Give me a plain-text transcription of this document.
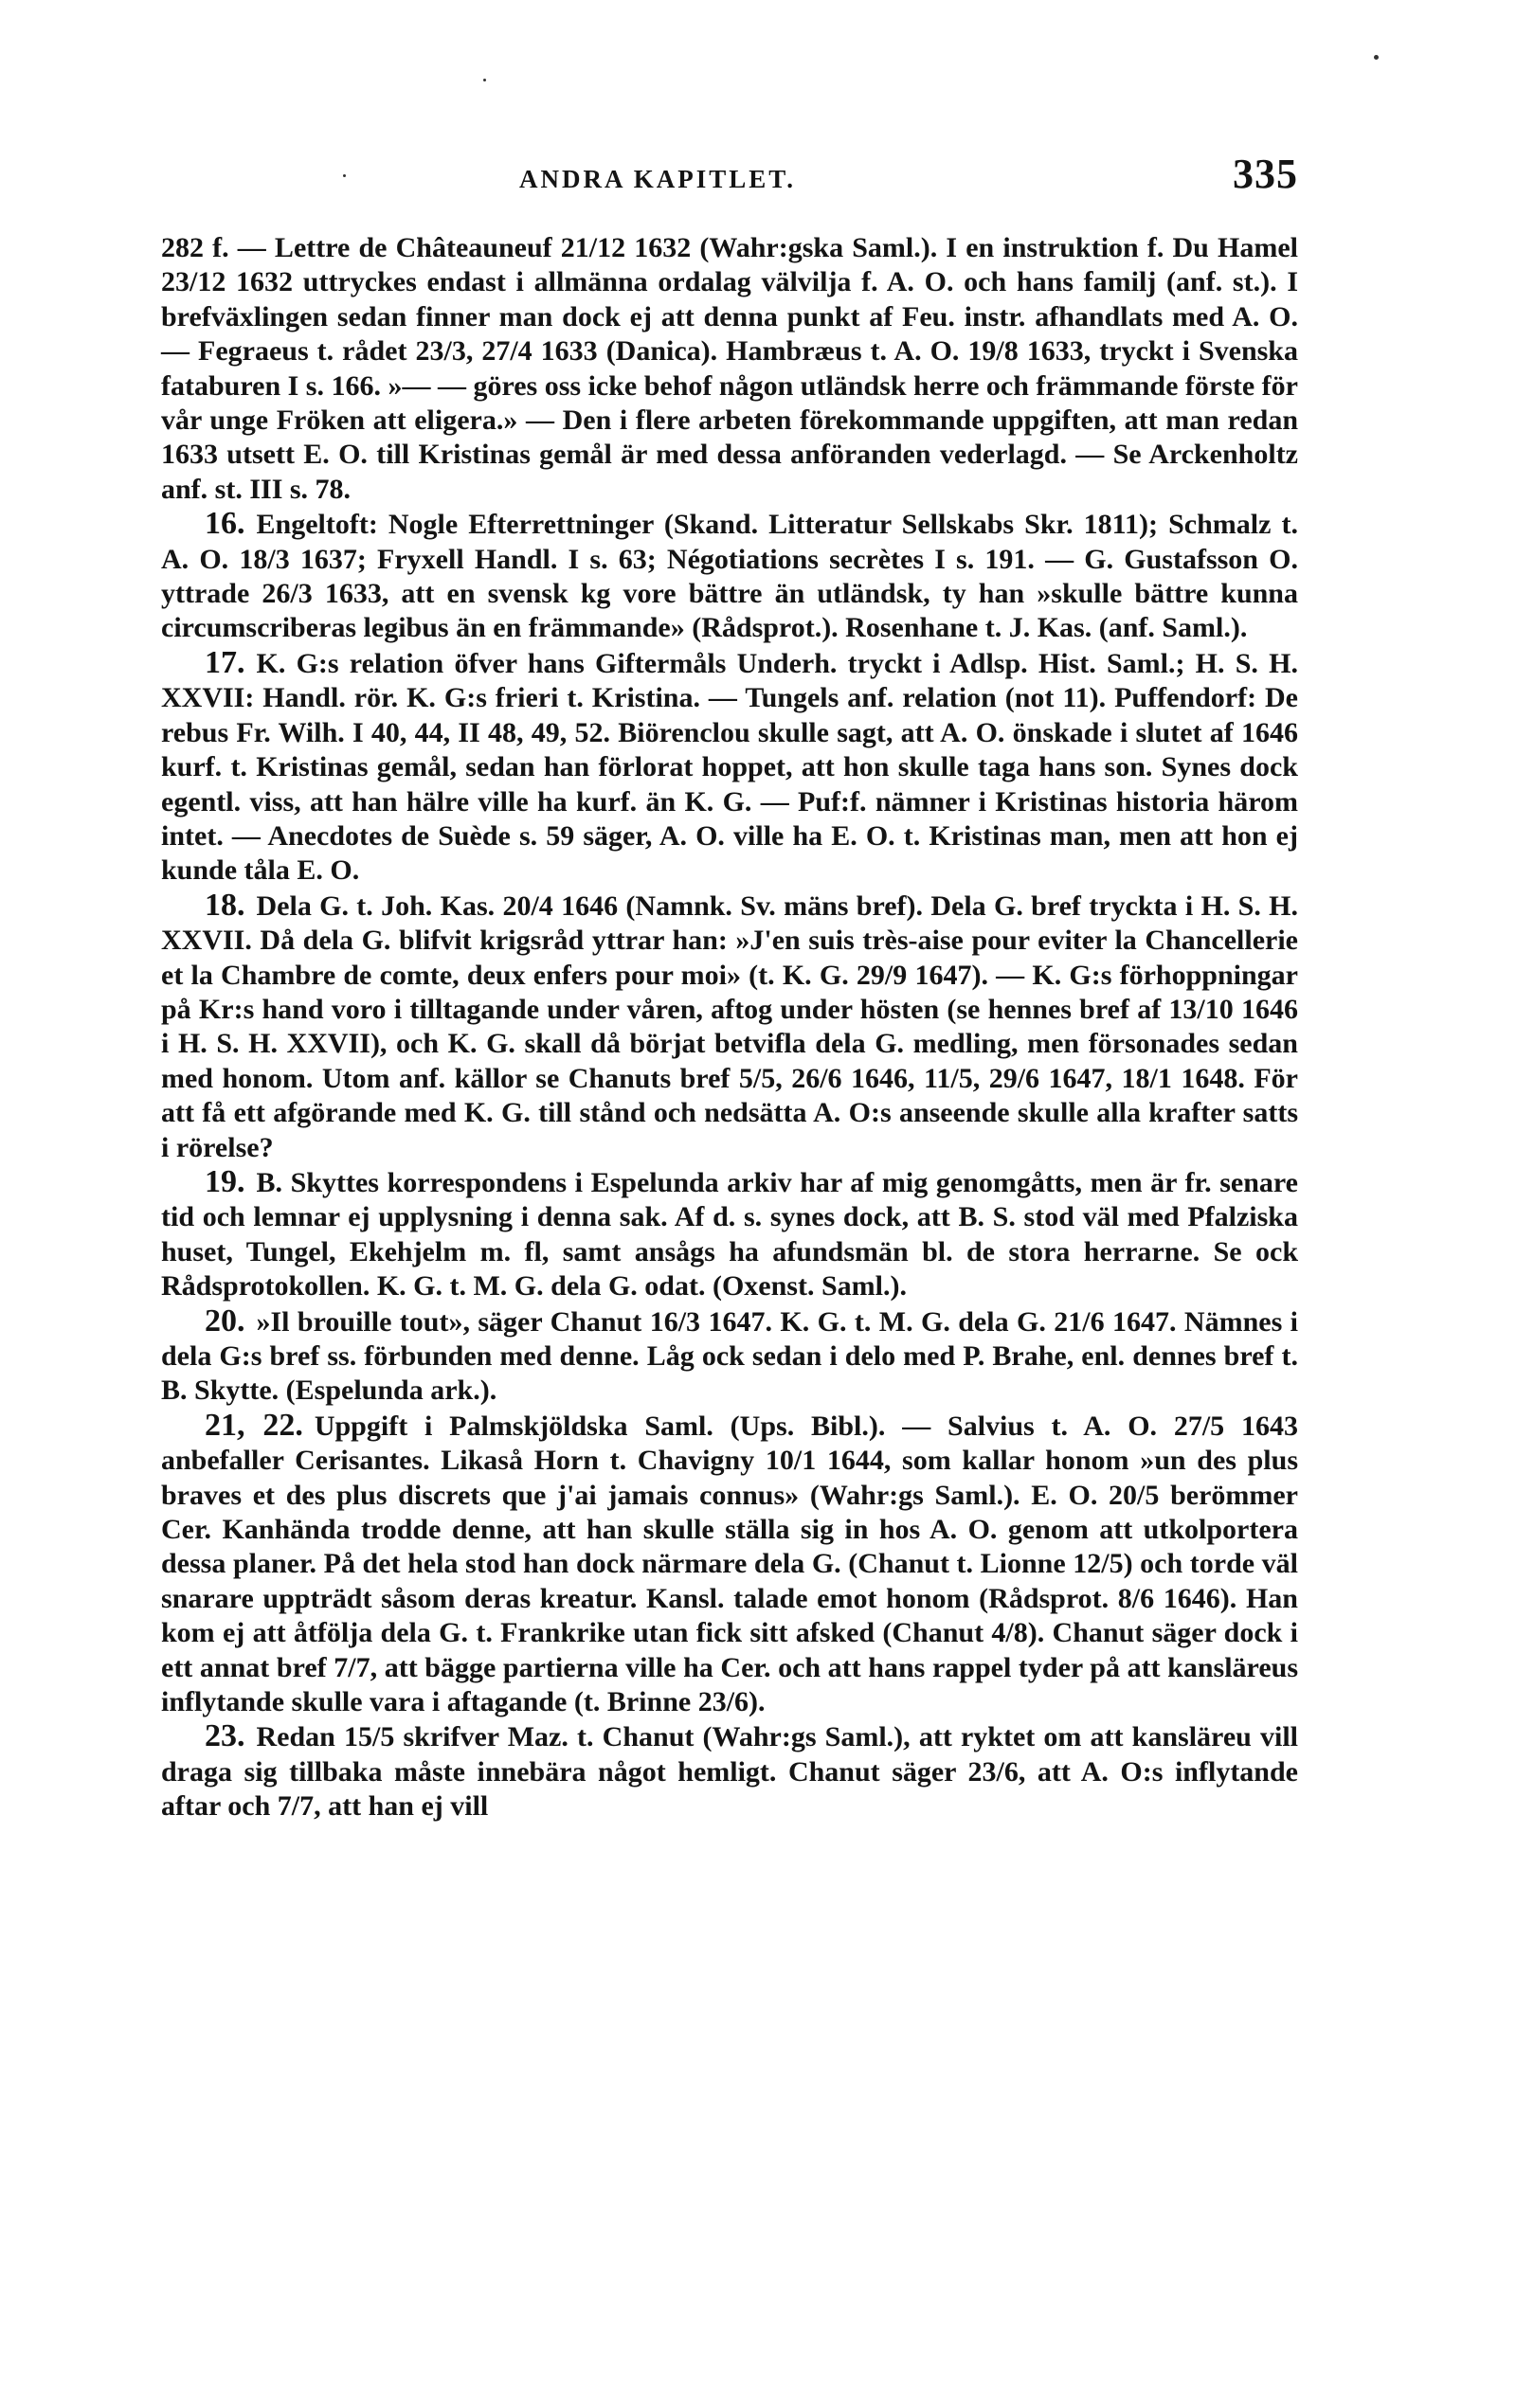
ANDRA KAPITLET.	335

282 f. — Lettre de Châteauneuf 21/12 1632 (Wahr:gska Saml.). I en instruktion f. Du Hamel 23/12 1632 uttryckes endast i allmänna ordalag välvilja f. A. O. och hans familj (anf. st.). I brefväxlingen sedan finner man dock ej att denna punkt af Feu. instr. afhandlats med A. O. — Fegraeus t. rådet 23/3, 27/4 1633 (Danica). Hambræus t. A. O. 19/8 1633, tryckt i Svenska fataburen I s. 166. »— — göres oss icke behof någon utländsk herre och främmande förste för vår unge Fröken att eligera.» — Den i flere arbeten förekommande uppgiften, att man redan 1633 utsett E. O. till Kristinas gemål är med dessa anföranden vederlagd. — Se Arckenholtz anf. st. III s. 78.

16. Engeltoft: Nogle Efterrettninger (Skand. Litteratur Sellskabs Skr. 1811); Schmalz t. A. O. 18/3 1637; Fryxell Handl. I s. 63; Négotiations secrètes I s. 191. — G. Gustafsson O. yttrade 26/3 1633, att en svensk kg vore bättre än utländsk, ty han »skulle bättre kunna circumscriberas legibus än en främmande» (Rådsprot.). Rosenhane t. J. Kas. (anf. Saml.).

17. K. G:s relation öfver hans Giftermåls Underh. tryckt i Adlsp. Hist. Saml.; H. S. H. XXVII: Handl. rör. K. G:s frieri t. Kristina. — Tungels anf. relation (not 11). Puffendorf: De rebus Fr. Wilh. I 40, 44, II 48, 49, 52. Biörenclou skulle sagt, att A. O. önskade i slutet af 1646 kurf. t. Kristinas gemål, sedan han förlorat hoppet, att hon skulle taga hans son. Synes dock egentl. viss, att han hälre ville ha kurf. än K. G. — Puf:f. nämner i Kristinas historia härom intet. — Anecdotes de Suède s. 59 säger, A. O. ville ha E. O. t. Kristinas man, men att hon ej kunde tåla E. O.

18. Dela G. t. Joh. Kas. 20/4 1646 (Namnk. Sv. mäns bref). Dela G. bref tryckta i H. S. H. XXVII. Då dela G. blifvit krigsråd yttrar han: »J'en suis très-aise pour eviter la Chancellerie et la Chambre de comte, deux enfers pour moi» (t. K. G. 29/9 1647). — K. G:s förhoppningar på Kr:s hand voro i tilltagande under våren, aftog under hösten (se hennes bref af 13/10 1646 i H. S. H. XXVII), och K. G. skall då börjat betvifla dela G. medling, men försonades sedan med honom. Utom anf. källor se Chanuts bref 5/5, 26/6 1646, 11/5, 29/6 1647, 18/1 1648. För att få ett afgörande med K. G. till stånd och nedsätta A. O:s anseende skulle alla krafter satts i rörelse?

19. B. Skyttes korrespondens i Espelunda arkiv har af mig genomgåtts, men är fr. senare tid och lemnar ej upplysning i denna sak. Af d. s. synes dock, att B. S. stod väl med Pfalziska huset, Tungel, Ekehjelm m. fl, samt ansågs ha afundsmän bl. de stora herrarne. Se ock Rådsprotokollen. K. G. t. M. G. dela G. odat. (Oxenst. Saml.).

20. »Il brouille tout», säger Chanut 16/3 1647. K. G. t. M. G. dela G. 21/6 1647. Nämnes i dela G:s bref ss. förbunden med denne. Låg ock sedan i delo med P. Brahe, enl. dennes bref t. B. Skytte. (Espelunda ark.).

21, 22. Uppgift i Palmskjöldska Saml. (Ups. Bibl.). — Salvius t. A. O. 27/5 1643 anbefaller Cerisantes. Likaså Horn t. Chavigny 10/1 1644, som kallar honom »un des plus braves et des plus discrets que j'ai jamais connus» (Wahr:gs Saml.). E. O. 20/5 berömmer Cer. Kanhända trodde denne, att han skulle ställa sig in hos A. O. genom att utkolportera dessa planer. På det hela stod han dock närmare dela G. (Chanut t. Lionne 12/5) och torde väl snarare uppträdt såsom deras kreatur. Kansl. talade emot honom (Rådsprot. 8/6 1646). Han kom ej att åtfölja dela G. t. Frankrike utan fick sitt afsked (Chanut 4/8). Chanut säger dock i ett annat bref 7/7, att bägge partierna ville ha Cer. och att hans rappel tyder på att kansläreus inflytande skulle vara i aftagande (t. Brinne 23/6).

23. Redan 15/5 skrifver Maz. t. Chanut (Wahr:gs Saml.), att ryktet om att kansläreu vill draga sig tillbaka måste innebära något hemligt. Chanut säger 23/6, att A. O:s inflytande aftar och 7/7, att han ej vill
